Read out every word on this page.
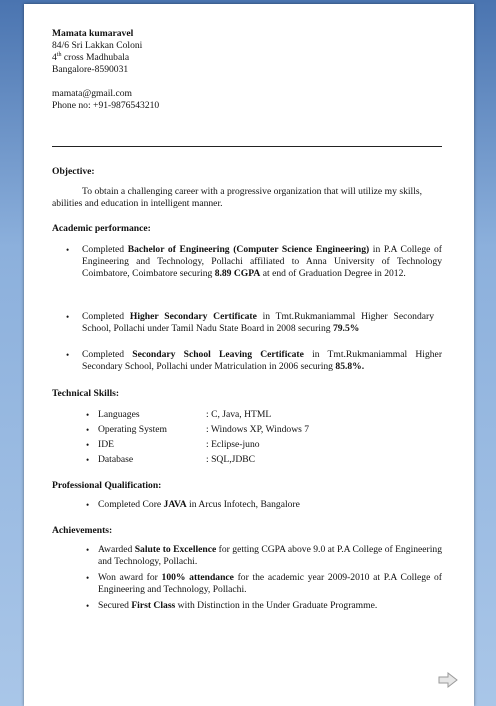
Mamata kumaravel
84/6 Sri Lakkan Coloni
4th cross Madhubala
Bangalore-8590031
mamata@gmail.com
Phone no: +91-9876543210
Objective:
To obtain a challenging career with a progressive organization that will utilize my skills, abilities and education in intelligent manner.
Academic performance:
• Completed Bachelor of Engineering (Computer Science Engineering) in P.A College of Engineering and Technology, Pollachi affiliated to Anna University of Technology Coimbatore, Coimbatore securing 8.89 CGPA at end of Graduation Degree in 2012.
• Completed Higher Secondary Certificate in Tmt.Rukmaniammal Higher Secondary School, Pollachi under Tamil Nadu State Board in 2008 securing 79.5%
• Completed Secondary School Leaving Certificate in Tmt.Rukmaniammal Higher Secondary School, Pollachi under Matriculation in 2006 securing 85.8%.
Technical Skills:
• Languages	: C, Java, HTML
• Operating System	: Windows XP, Windows 7
• IDE	: Eclipse-juno
• Database	: SQL,JDBC
Professional Qualification:
• Completed Core JAVA in Arcus Infotech, Bangalore
Achievements:
• Awarded Salute to Excellence for getting CGPA above 9.0 at P.A College of Engineering and Technology, Pollachi.
• Won award for 100% attendance for the academic year 2009-2010 at P.A College of Engineering and Technology, Pollachi.
• Secured First Class with Distinction in the Under Graduate Programme.
